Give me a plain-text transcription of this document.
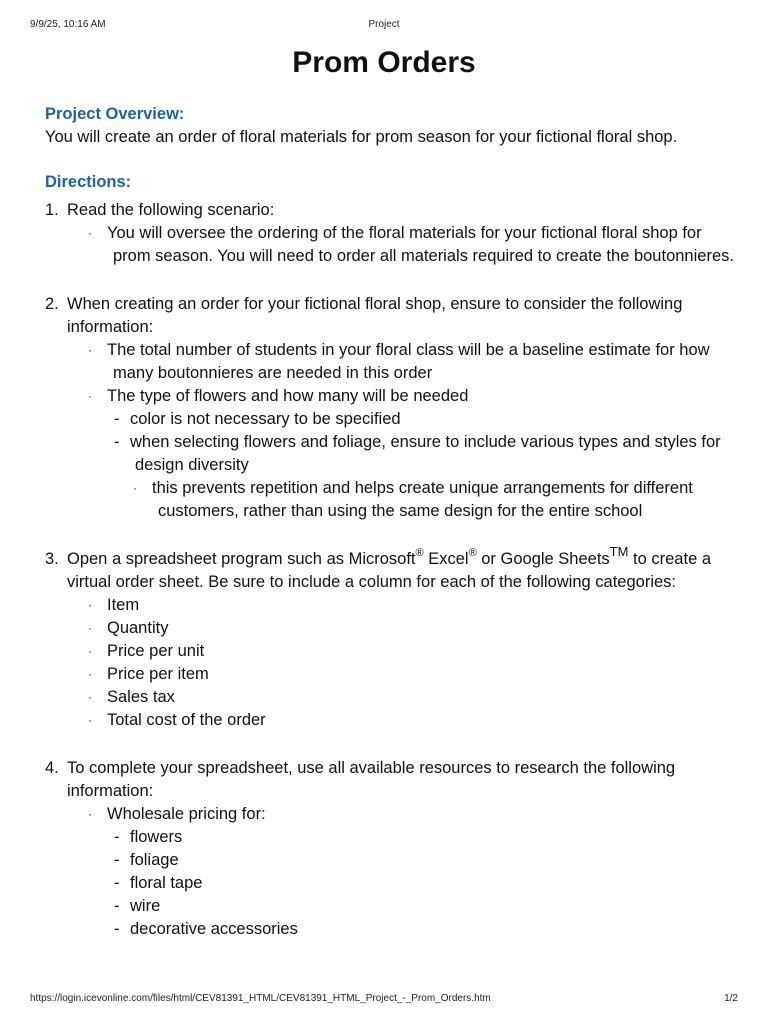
9/9/25, 10:16 AM	Project
Prom Orders
Project Overview:

You will create an order of floral materials for prom season for your fictional floral shop.

Directions:
1. Read the following scenario:
· You will oversee the ordering of the floral materials for your fictional floral shop for prom season. You will need to order all materials required to create the boutonnieres.
2. When creating an order for your fictional floral shop, ensure to consider the following information:
· The total number of students in your floral class will be a baseline estimate for how many boutonnieres are needed in this order
· The type of flowers and how many will be needed
- color is not necessary to be specified
- when selecting flowers and foliage, ensure to include various types and styles for design diversity
· this prevents repetition and helps create unique arrangements for different customers, rather than using the same design for the entire school
3. Open a spreadsheet program such as Microsoft® Excel® or Google Sheets™ to create a virtual order sheet. Be sure to include a column for each of the following categories:
· Item
· Quantity
· Price per unit
· Price per item
· Sales tax
· Total cost of the order
4. To complete your spreadsheet, use all available resources to research the following information:
· Wholesale pricing for:
- flowers
- foliage
- floral tape
- wire
- decorative accessories
https://login.icevonline.com/files/html/CEV81391_HTML/CEV81391_HTML_Project_-_Prom_Orders.htm	1/2
